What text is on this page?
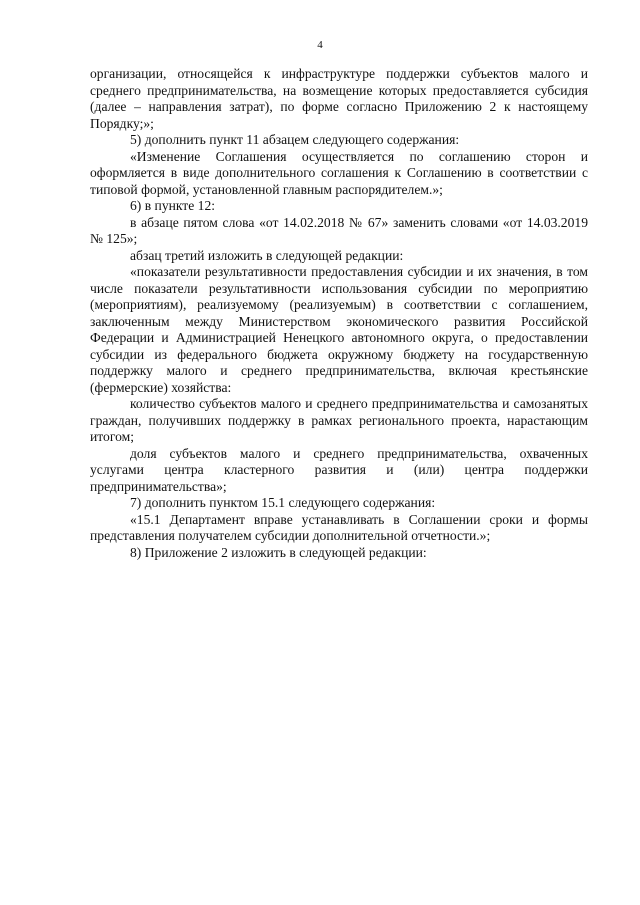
4

организации, относящейся к инфраструктуре поддержки субъектов малого и среднего предпринимательства, на возмещение которых предоставляется субсидия (далее – направления затрат), по форме согласно Приложению 2 к настоящему Порядку;»;

5) дополнить пункт 11 абзацем следующего содержания:

«Изменение Соглашения осуществляется по соглашению сторон и оформляется в виде дополнительного соглашения к Соглашению в соответствии с типовой формой, установленной главным распорядителем.»;

6) в пункте 12:

в абзаце пятом слова «от 14.02.2018 № 67» заменить словами «от 14.03.2019 № 125»;

абзац третий изложить в следующей редакции:

«показатели результативности предоставления субсидии и их значения, в том числе показатели результативности использования субсидии по мероприятию (мероприятиям), реализуемому (реализуемым) в соответствии с соглашением, заключенным между Министерством экономического развития Российской Федерации и Администрацией Ненецкого автономного округа, о предоставлении субсидии из федерального бюджета окружному бюджету на государственную поддержку малого и среднего предпринимательства, включая крестьянские (фермерские) хозяйства:

количество субъектов малого и среднего предпринимательства и самозанятых граждан, получивших поддержку в рамках регионального проекта, нарастающим итогом;

доля субъектов малого и среднего предпринимательства, охваченных услугами центра кластерного развития и (или) центра поддержки предпринимательства»;

7) дополнить пунктом 15.1 следующего содержания:

«15.1 Департамент вправе устанавливать в Соглашении сроки и формы представления получателем субсидии дополнительной отчетности.»;

8) Приложение 2 изложить в следующей редакции:
